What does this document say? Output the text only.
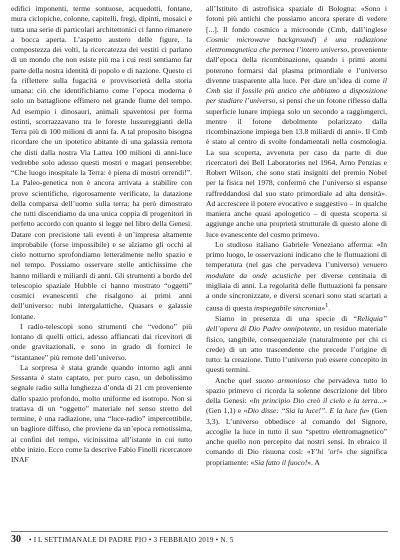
edifici imponenti, terme sontuose, acquedotti, fontane, mura ciclopiche, colonne, capitelli, fregi, dipinti, mosaici e tutta una serie di particolari architettonici ci fanno rimanere a bocca aperta. L’aspetto austero delle figure, la compostezza dei volti, la ricercatezza dei vestiti ci parlano di un mondo che non esiste più ma i cui resti sentiamo far parte della nostra identità di popolo e di nazione. Questo ci fa riflettere sulla fugacità e provvisorietà della storia umana: ciò che identifichiamo come l’epoca moderna è solo un battaglione effimero nel grande fiume del tempo. Ad esempio i dinosauri, animali spaventosi per forma estinti, scorrazzavano tra le foreste lussureggianti della Terra più di 100 milioni di anni fa. A tal proposito bisogna ricordare che un ipotetico abitante di una galassia remota che disti dalla nostra Via Lattea 100 milioni di anni-luce vedrebbe solo adesso questi mostri e magari penserebbe: “Che luogo inospitale la Terra: è piena di mostri orrendi!”. La Paleo-genetica non è ancora arrivata a stabilire con prove scientifiche, rigorosamente verificate, la datazione della comparsa dell’uomo sulla terra; ha però dimostrato che tutti discendiamo da una unica coppia di progenitori in perfetto accordo con quanto si legge nel libro della Genesi. Datare con precisione tali eventi è un’impresa altamente improbabile (forse impossibile) e se alziamo gli occhi al cielo notturno sprofondiamo letteralmente nello spazio e nel tempo. Possiamo osservare stelle antichissime che hanno miliardi e miliardi di anni. Gli strumenti a bordo del telescopio spaziale Hubble ci hanno mostrato “oggetti” cosmici evanescenti che risalgono ai primi anni dell’universo: nubi intergalattiche, Quasars e galassie lontane.

I radio-telescopi sono strumenti che “vedono” più lontano di quelli ottici, adesso affiancati dai ricevitori di onde gravitazionali, e sono in grado di fornirci le “istantanee” più remote dell’universo.

La sorpresa è stata grande quando intorno agli anni Sessanta è stato captato, per puro caso, un debolissimo segnale radio sulla lunghezza d’onda di 21 cm proveniente dallo spazio profondo, molto uniforme ed isotropo. Non si trattava di un “oggetto” materiale nel senso stretto del termine, è una radiazione, una “luce-radio” impercettibile, un bagliore diffuso, che proviene da un’epoca remotissima, ai confini del tempo, vicinissima all’istante in cui tutto ebbe inizio. Ecco come la descrive Fabio Finelli ricercatore INAF

all’Istituto di astrofisica spaziale di Bologna: «Sono i fotoni più antichi che possiamo ancora sperare di vedere [...]. Il fondo cosmico a microonde (Cmb, dall’inglese Cosmic microwave background) è una radiazione elettromagnetica che permea l’intero universo, proveniente dall’epoca della ricombinazione, quando i primi atomi poterono formarsi dal plasma primordiale e l’universo divenne trasparente alla luce. Per dare un’idea di come il Cmb sia il fossile più antico che abbiamo a disposizione per studiare l’universo, si pensi che un fotone riflesso dalla superficie lunare impiega solo un secondo a raggiungerci, mentre il fotone debolmente polarizzato dalla ricombinazione impiega ben 13.8 miliardi di anni». Il Cmb è stato al centro di svolte fondamentali nella cosmologia. La sua scoperta, avvenuta per caso da parte di due ricercatori dei Bell Laboratories nel 1964, Arno Penzias e Robert Wilson, che sono stati insigniti del premio Nobel per la fisica nel 1978, confermò che l’universo si espanse raffreddandosi dal suo stato primordiale ad alta densità». Ad accrescere il potere evocativo e suggestivo – in qualche maniera anche quasi apologetico – di questa scoperta si aggiunge anche una proprietà strutturale di questo alone di luce evanescente del cosmo primevo.

Lo studioso italiano Gabriele Veneziano afferma: «In primo luogo, le osservazioni indicano che le fluttuazioni di temperatura (nel gas che pervadeva l’universo) venuero modulate da onde acustiche per diverse centinaia di migliaia di anni. La regolarità delle fluttuazioni fa pensare a onde sincronizzate, e diversi scenari sono stati scartati a causa di questa inspiegabile sincronia»$^1$.

Siamo in presenza di una specie di “Reliquia” dell’opera di Dio Padre onnipotente, un residuo materiale fisico, tangibile, consequenziale (naturalmente per chi ci crede) di un atto trascendente che precede l’origine di tutto: la creazione. Tutto l’universo può essere concepito in questi termini.

Anche quel suono armonioso che pervadeva tutto lo spazio primevo ci ricorda la solenne descrizione del libro della Genesi: «In principio Dio creò il cielo e la terra...» (Gen 1,1) e «Dio disse: “Sia la luce!”. E la luce fu» (Gen 3,3). L’universo obbedisce al comando del Signore, accoglie la luce in tutto il suo “spettro elettromagnetico” anche quello non percepito dai nostri sensi. In ebraico il comando di Dio risuona così: «Y’hi ’or!» che significa propriamente: «Sia fatto il fuoco!». A

30 • I L SETTIMANALE DI PADRE PIO • 3 FEBBRAIO 2019 • N. 5
